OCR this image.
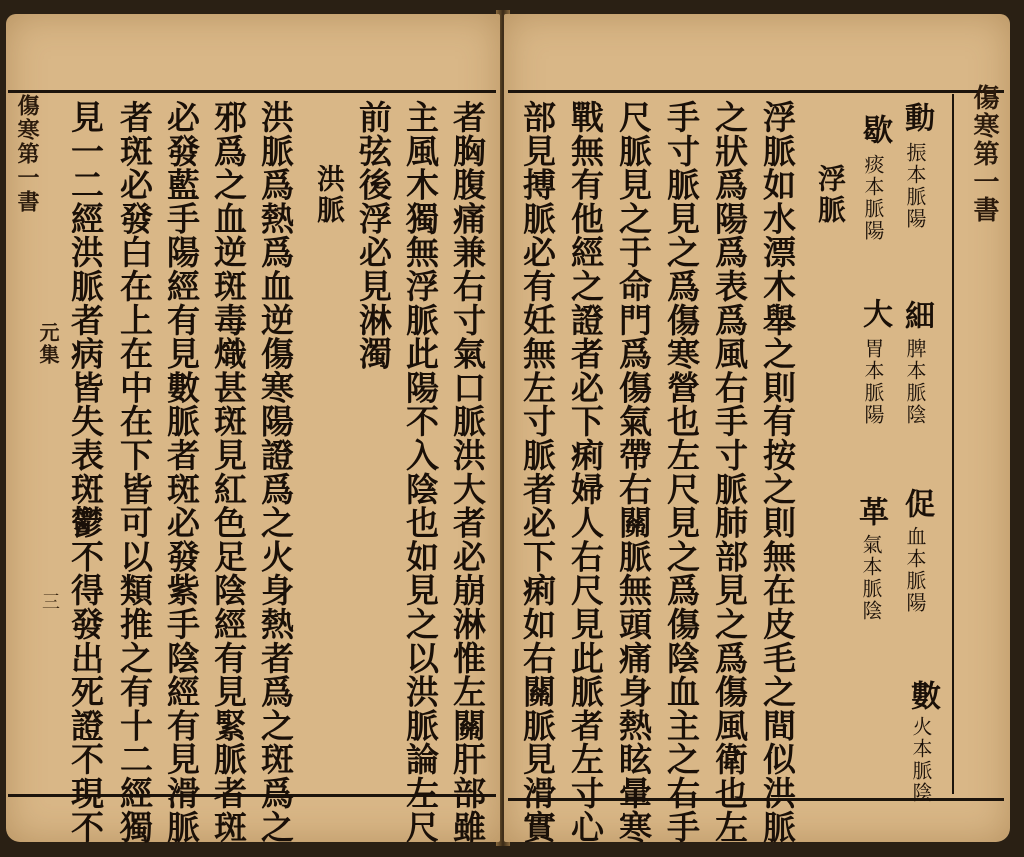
傷寒第一書
元集
三	者胸腹痛兼右寸氣口脈洪大者必崩淋惟左關肝部雖
主風木獨無浮脈此陽不入陰也如見之以洪脈論左尺
前弦後浮必見淋濁
洪脈
洪脈爲熱爲血逆傷寒陽證爲之火身熱者爲之斑爲之
邪爲之血逆斑毒熾甚斑見紅色足陰經有見緊脈者斑
必發藍手陽經有見數脈者斑必發紫手陰經有見滑脈
者斑必發白在上在中在下皆可以類推之有十二經獨
見一二經洪脈者病皆失表斑鬱不得發出死證不現不	傷寒第一書
動
振本脈陽
細
脾本脈陰
促
血本脈陽
數
火本脈陰
歇
痰本脈陽
大
胃本脈陽
革
氣本脈陰
浮脈
浮脈如水漂木舉之則有按之則無在皮毛之間似洪脈
之狀爲陽爲表爲風右手寸脈肺部見之爲傷風衛也左
手寸脈見之爲傷寒營也左尺見之爲傷陰血主之右手
尺脈見之于命門爲傷氣帶右關脈無頭痛身熱眩暈寒
戰無有他經之證者必下痢婦人右尺見此脈者左寸心
部見搏脈必有妊無左寸脈者必下痢如右關脈見滑實
